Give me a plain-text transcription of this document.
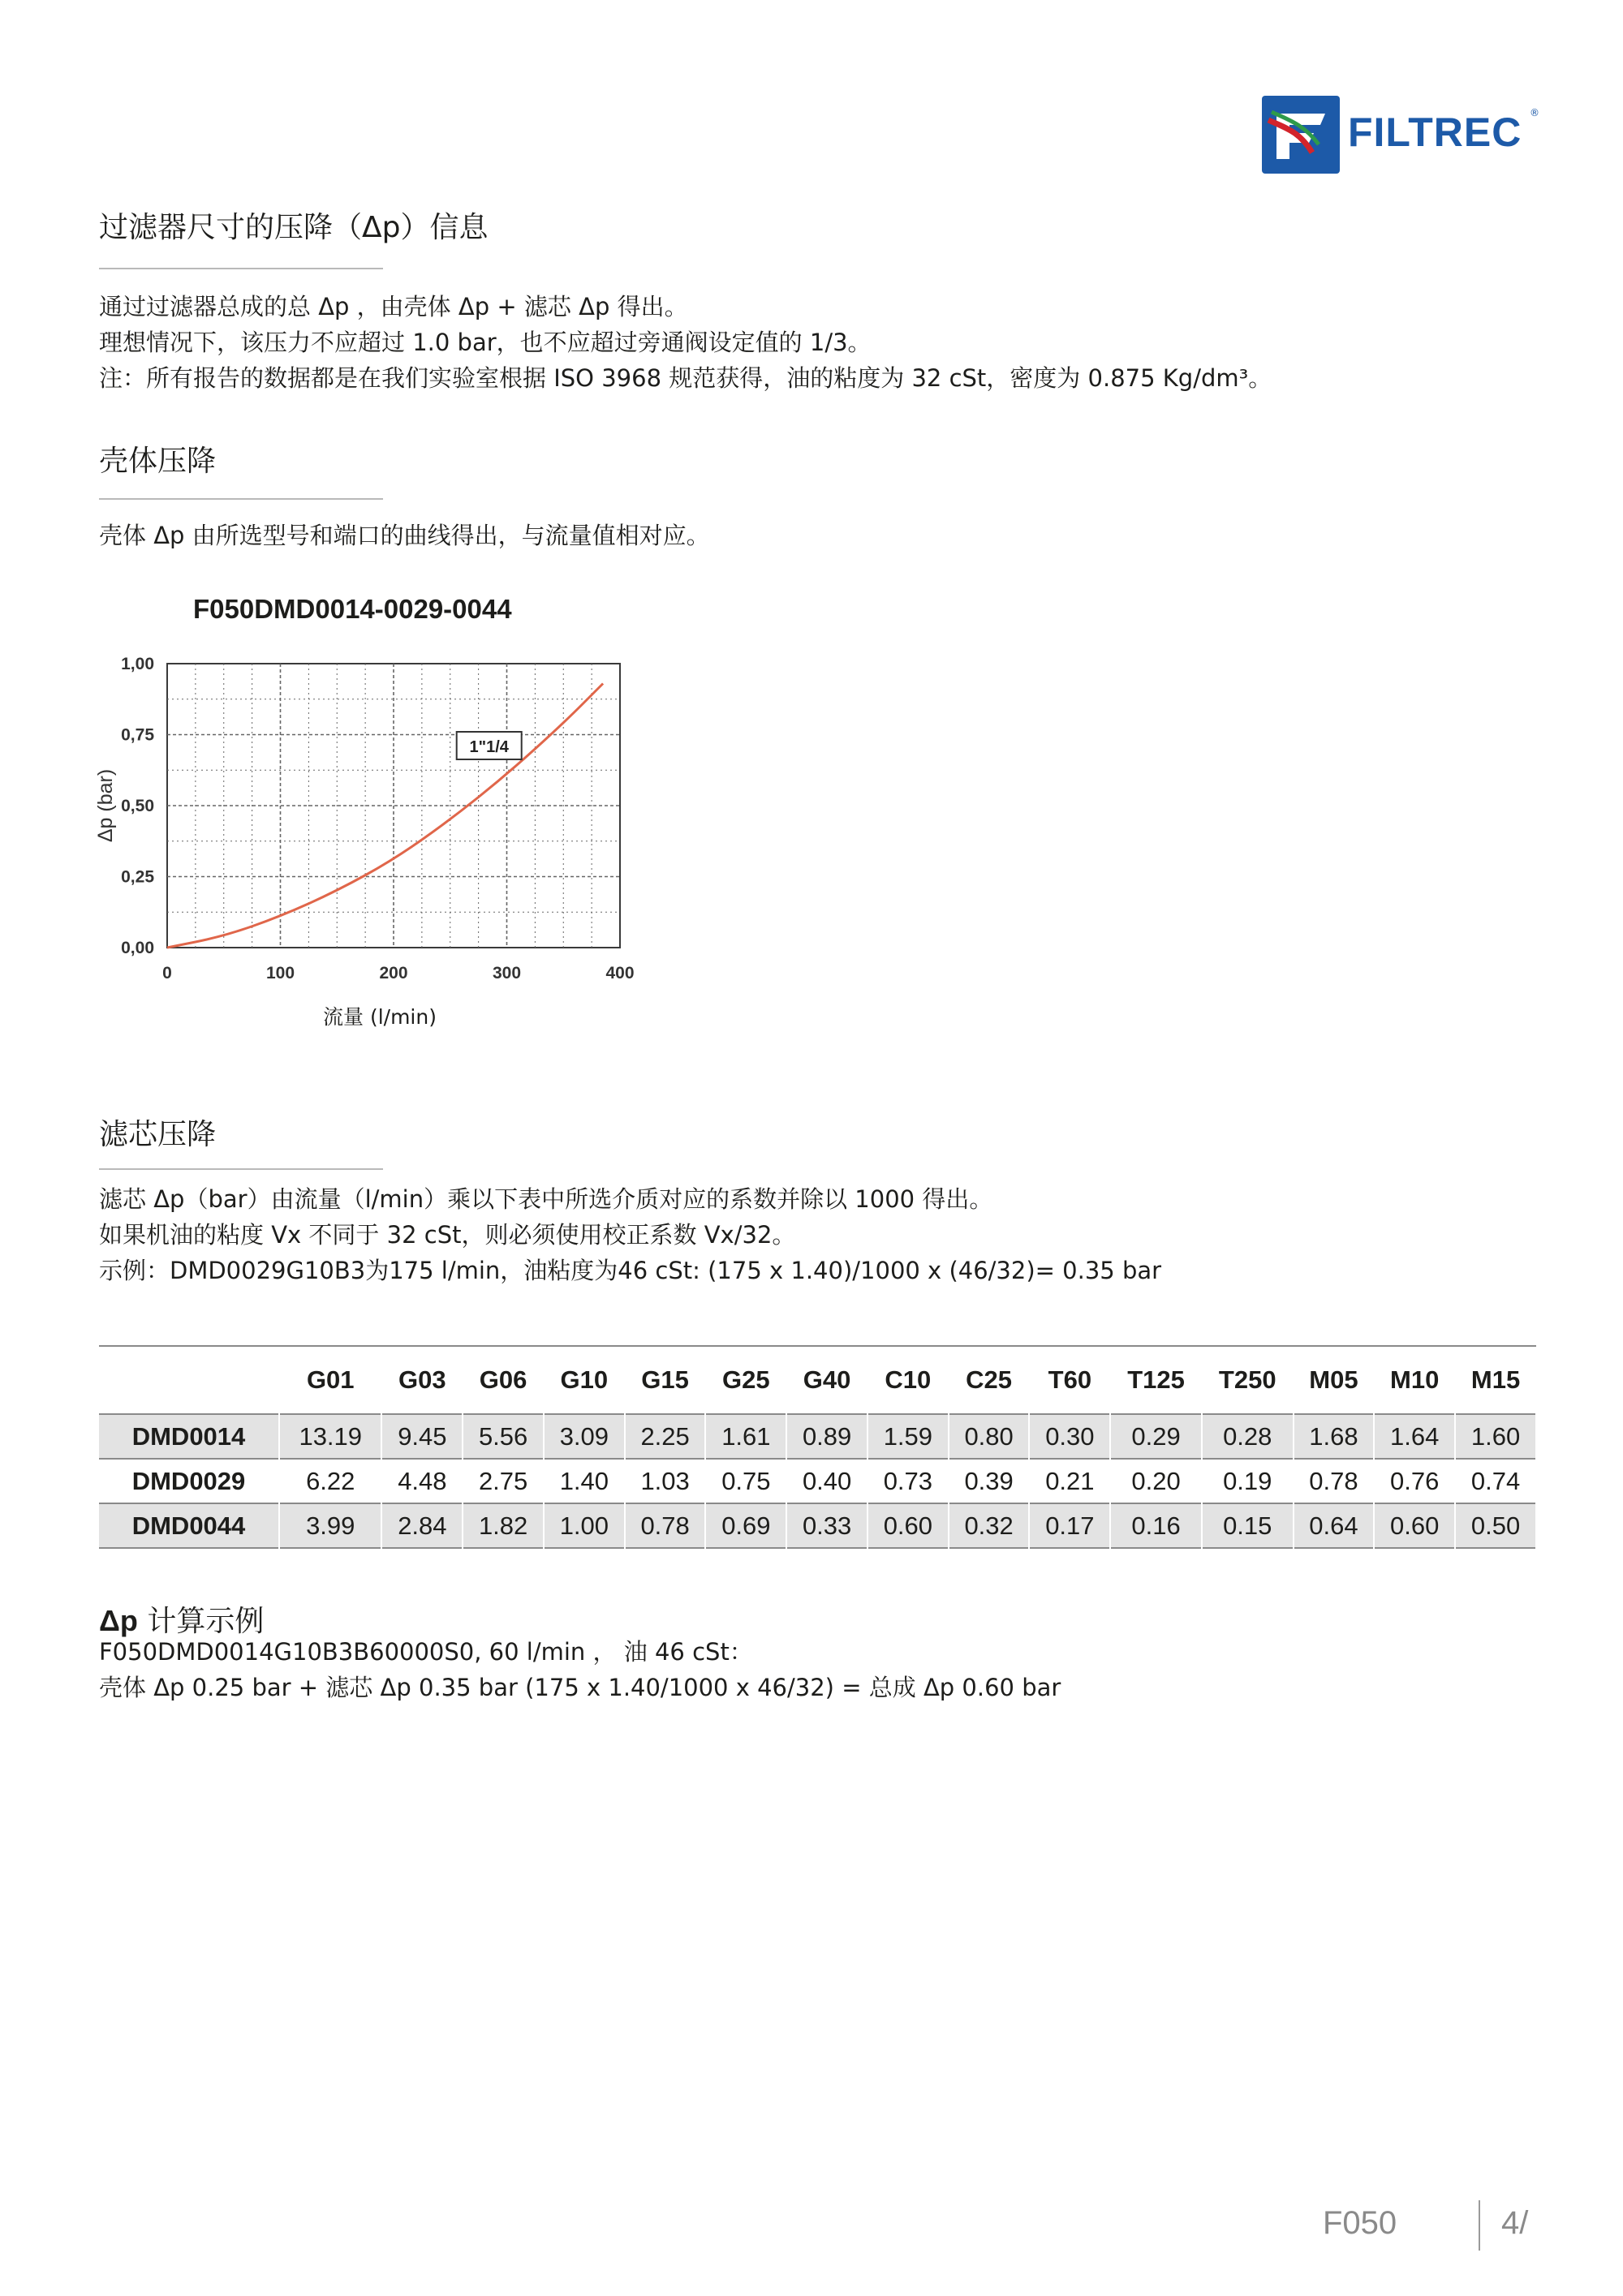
FILTREC ®
过滤器尺寸的压降（Δp）信息
通过过滤器总成的总 Δp ，由壳体 Δp + 滤芯 Δp 得出。
理想情况下，该压力不应超过 1.0 bar，也不应超过旁通阀设定值的 1/3。
注：所有报告的数据都是在我们实验室根据 ISO 3968 规范获得，油的粘度为 32 cSt，密度为 0.875 Kg/dm³。
壳体压降
壳体 Δp 由所选型号和端口的曲线得出，与流量值相对应。
F050DMD0014-0029-0044
0	100	200	300	400
0,00
0,25
0,50
0,75
1,00
Δp (bar)
1"1/4
流量 (l/min)
滤芯压降
滤芯 Δp（bar）由流量（l/min）乘以下表中所选介质对应的系数并除以 1000 得出。
如果机油的粘度 Vx 不同于 32 cSt，则必须使用校正系数 Vx/32。
示例：DMD0029G10B3为175 l/min，油粘度为46 cSt: (175 x 1.40)/1000 x (46/32)= 0.35 bar
	G01	G03	G06	G10	G15	G25	G40	C10	C25	T60	T125	T250	M05	M10	M15
DMD0014	13.19	9.45	5.56	3.09	2.25	1.61	0.89	1.59	0.80	0.30	0.29	0.28	1.68	1.64	1.60
DMD0029	6.22	4.48	2.75	1.40	1.03	0.75	0.40	0.73	0.39	0.21	0.20	0.19	0.78	0.76	0.74
DMD0044	3.99	2.84	1.82	1.00	0.78	0.69	0.33	0.60	0.32	0.17	0.16	0.15	0.64	0.60	0.50
Δp 计算示例
F050DMD0014G10B3B60000S0, 60 l/min ， 油 46 cSt：
壳体 Δp 0.25 bar + 滤芯 Δp 0.35 bar (175 x 1.40/1000 x 46/32) = 总成 Δp 0.60 bar
F050	4/
